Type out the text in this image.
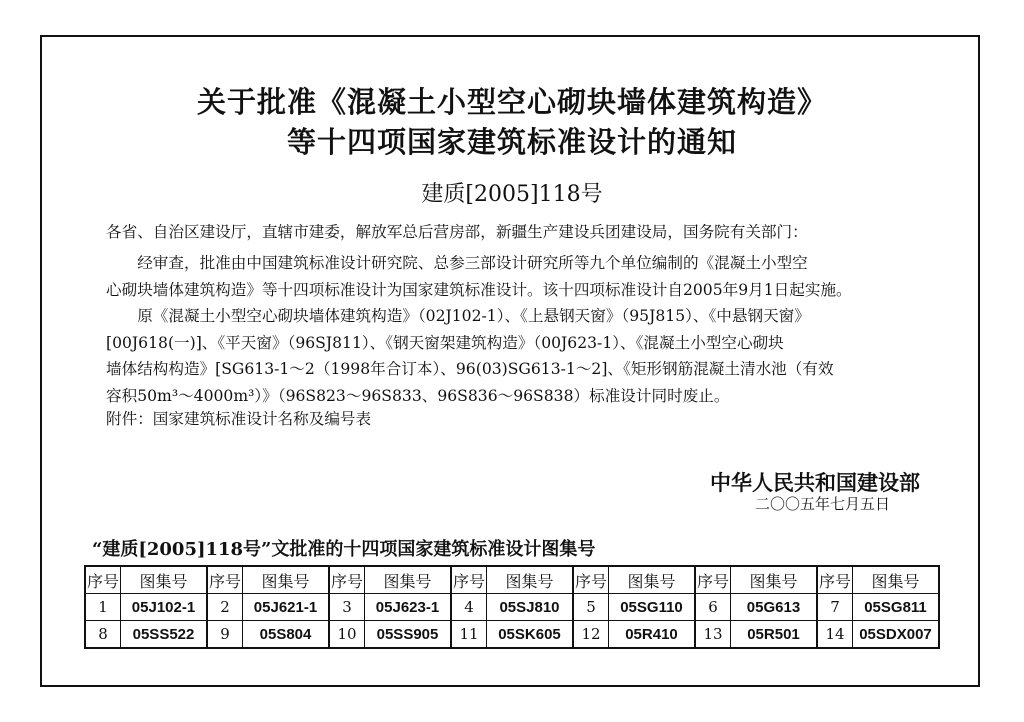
关于批准《混凝土小型空心砌块墙体建筑构造》
等十四项国家建筑标准设计的通知
建质[2005]118号
各省、自治区建设厅，直辖市建委，解放军总后营房部，新疆生产建设兵团建设局，国务院有关部门：

　　经审查，批准由中国建筑标准设计研究院、总参三部设计研究所等九个单位编制的《混凝土小型空

心砌块墙体建筑构造》等十四项标准设计为国家建筑标准设计。该十四项标准设计自2005年9月1日起实施。

　　原《混凝土小型空心砌块墙体建筑构造》（02J102-1）、《上悬钢天窗》（95J815）、《中悬钢天窗》

[00J618(一)]、《平天窗》（96SJ811）、《钢天窗架建筑构造》（00J623-1）、《混凝土小型空心砌块

墙体结构构造》[SG613-1～2（1998年合订本）、96(03)SG613-1～2]、《矩形钢筋混凝土清水池（有效

容积50m³～4000m³）》（96S823～96S833、96S836～96S838）标准设计同时废止。

附件：国家建筑标准设计名称及编号表
中华人民共和国建设部
二〇〇五年七月五日
“建质[2005]118号”文批准的十四项国家建筑标准设计图集号
序号	图集号	序号	图集号	序号	图集号	序号	图集号	序号	图集号	序号	图集号	序号	图集号
1	05J102-1	2	05J621-1	3	05J623-1	4	05SJ810	5	05SG110	6	05G613	7	05SG811
8	05SS522	9	05S804	10	05SS905	11	05SK605	12	05R410	13	05R501	14	05SDX007
